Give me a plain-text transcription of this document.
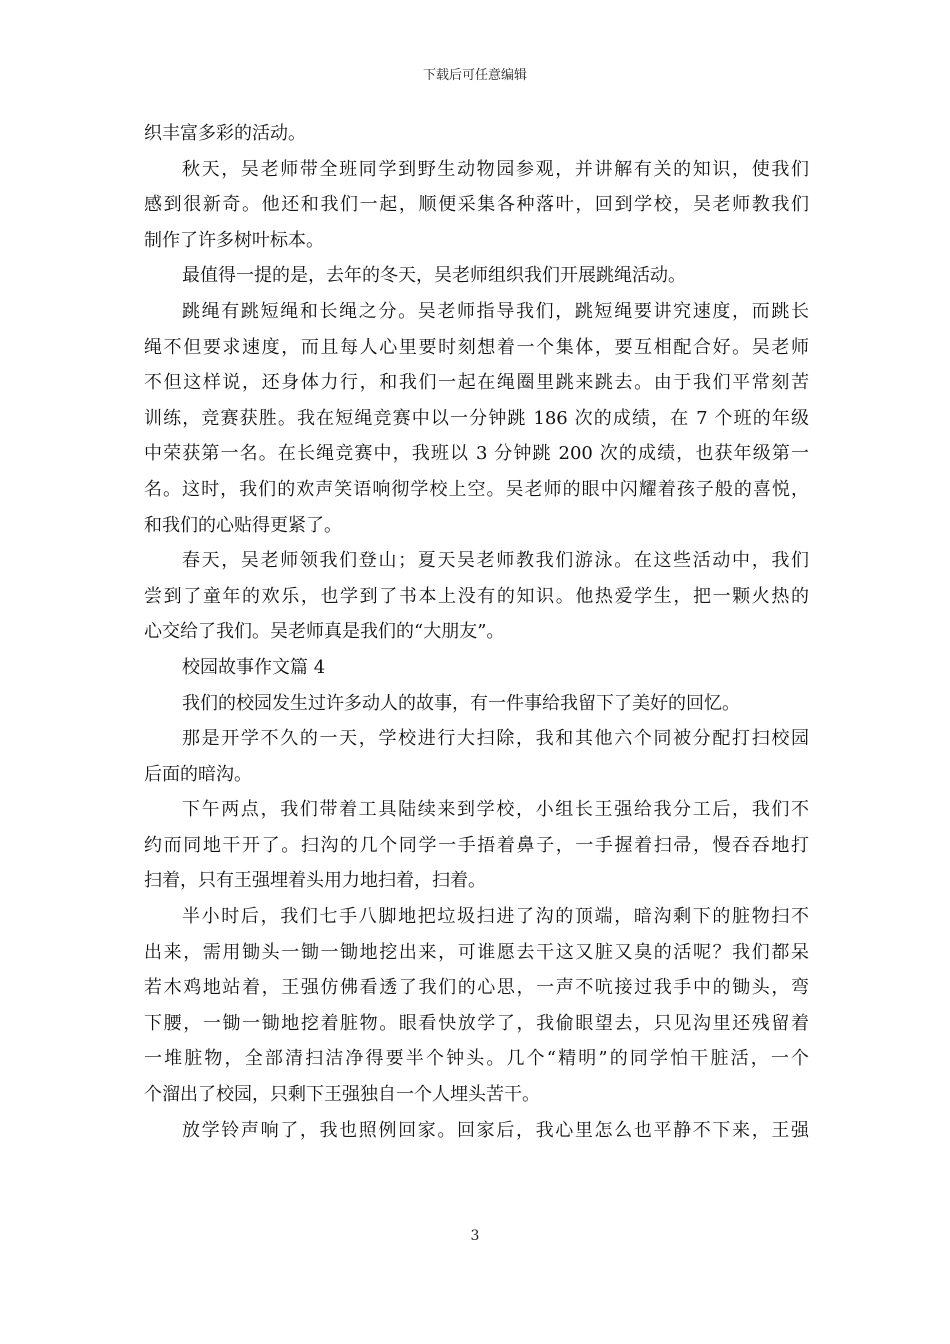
下载后可任意编辑
织丰富多彩的活动。
秋天，吴老师带全班同学到野生动物园参观，并讲解有关的知识，使我们
感到很新奇。他还和我们一起，顺便采集各种落叶，回到学校，吴老师教我们
制作了许多树叶标本。
最值得一提的是，去年的冬天，吴老师组织我们开展跳绳活动。
跳绳有跳短绳和长绳之分。吴老师指导我们，跳短绳要讲究速度，而跳长
绳不但要求速度，而且每人心里要时刻想着一个集体，要互相配合好。吴老师
不但这样说，还身体力行，和我们一起在绳圈里跳来跳去。由于我们平常刻苦
训练，竞赛获胜。我在短绳竞赛中以一分钟跳 186 次的成绩，在 7 个班的年级
中荣获第一名。在长绳竞赛中，我班以 3 分钟跳 200 次的成绩，也获年级第一
名。这时，我们的欢声笑语响彻学校上空。吴老师的眼中闪耀着孩子般的喜悦，
和我们的心贴得更紧了。
春天，吴老师领我们登山；夏天吴老师教我们游泳。在这些活动中，我们
尝到了童年的欢乐，也学到了书本上没有的知识。他热爱学生，把一颗火热的
心交给了我们。吴老师真是我们的“大朋友”。
校园故事作文篇 4
我们的校园发生过许多动人的故事，有一件事给我留下了美好的回忆。
那是开学不久的一天，学校进行大扫除，我和其他六个同被分配打扫校园
后面的暗沟。
下午两点，我们带着工具陆续来到学校，小组长王强给我分工后，我们不
约而同地干开了。扫沟的几个同学一手捂着鼻子，一手握着扫帚，慢吞吞地打
扫着，只有王强埋着头用力地扫着，扫着。
半小时后，我们七手八脚地把垃圾扫进了沟的顶端，暗沟剩下的脏物扫不
出来，需用锄头一锄一锄地挖出来，可谁愿去干这又脏又臭的活呢？我们都呆
若木鸡地站着，王强仿佛看透了我们的心思，一声不吭接过我手中的锄头，弯
下腰，一锄一锄地挖着脏物。眼看快放学了，我偷眼望去，只见沟里还残留着
一堆脏物，全部清扫洁净得要半个钟头。几个“精明”的同学怕干脏活，一个
个溜出了校园，只剩下王强独自一个人埋头苦干。
放学铃声响了，我也照例回家。回家后，我心里怎么也平静不下来，王强
3
